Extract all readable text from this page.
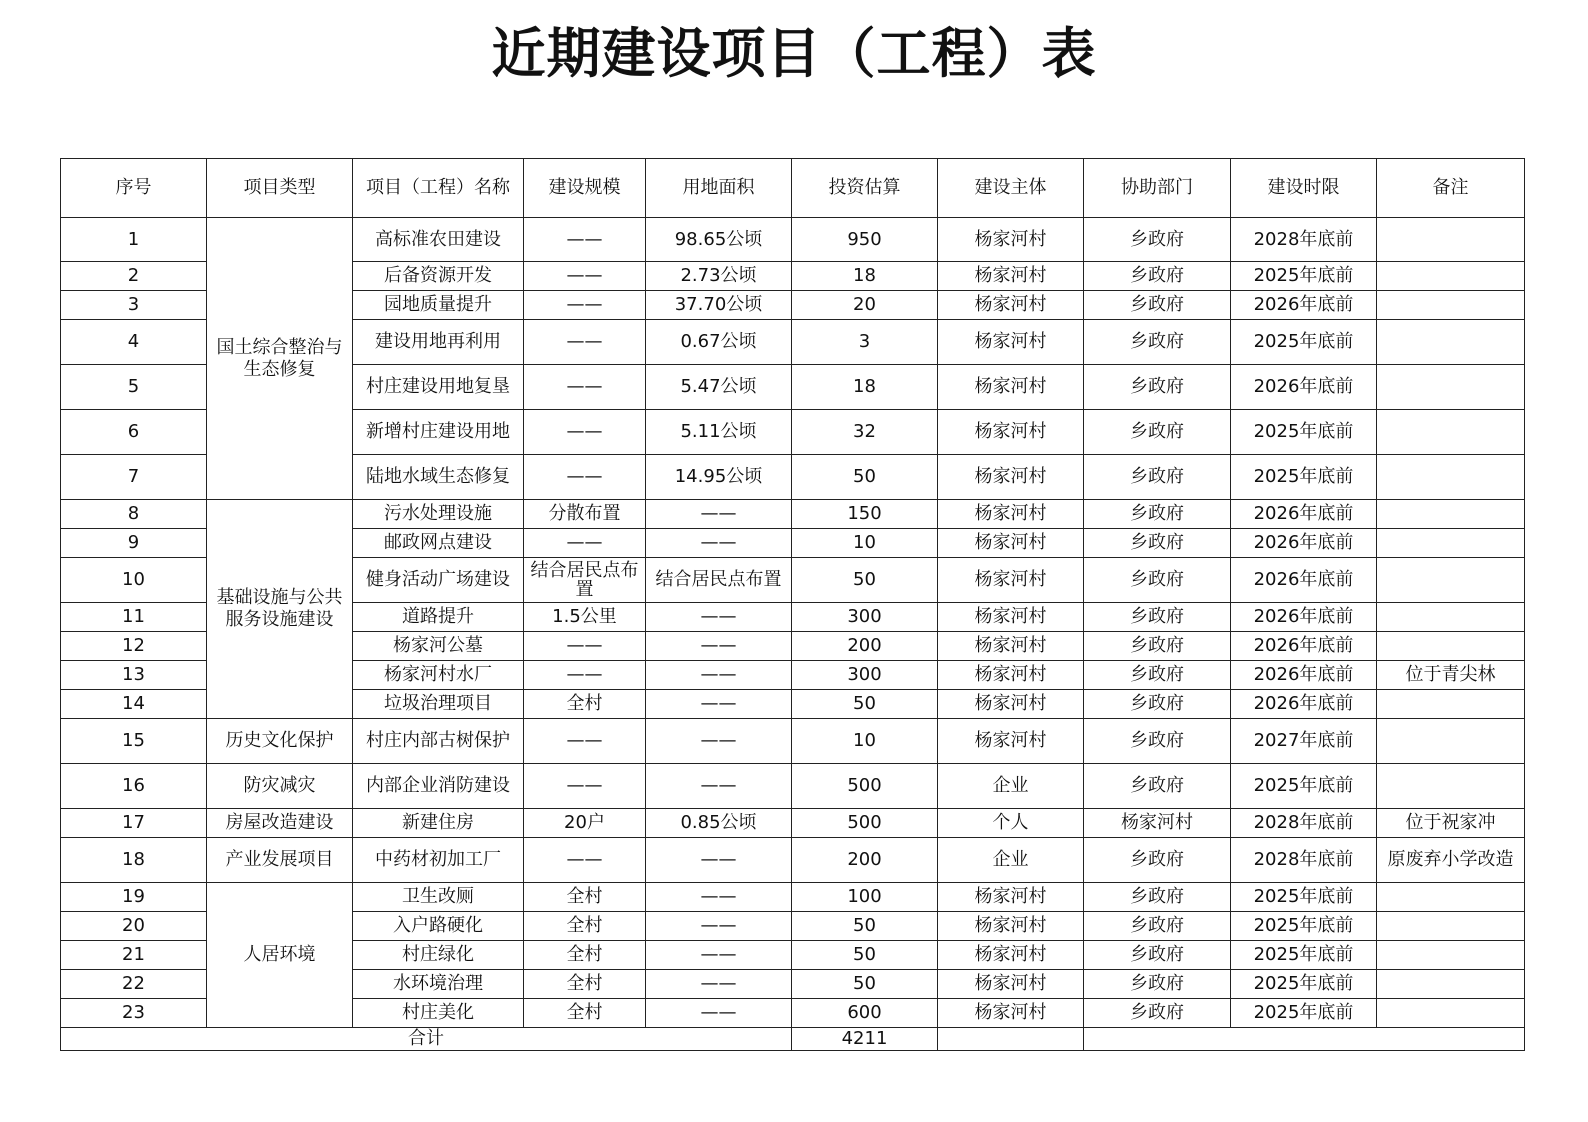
近期建设项目（工程）表
序号	项目类型	项目（工程）名称	建设规模	用地面积	投资估算	建设主体	协助部门	建设时限	备注
1	国土综合整治与生态修复	高标准农田建设	——	98.65公顷	950	杨家河村	乡政府	2028年底前	
2		后备资源开发	——	2.73公顷	18	杨家河村	乡政府	2025年底前	
3		园地质量提升	——	37.70公顷	20	杨家河村	乡政府	2026年底前	
4		建设用地再利用	——	0.67公顷	3	杨家河村	乡政府	2025年底前	
5		村庄建设用地复垦	——	5.47公顷	18	杨家河村	乡政府	2026年底前	
6		新增村庄建设用地	——	5.11公顷	32	杨家河村	乡政府	2025年底前	
7		陆地水域生态修复	——	14.95公顷	50	杨家河村	乡政府	2025年底前	
8	基础设施与公共服务设施建设	污水处理设施	分散布置	——	150	杨家河村	乡政府	2026年底前	
9		邮政网点建设	——	——	10	杨家河村	乡政府	2026年底前	
10		健身活动广场建设	结合居民点布置	结合居民点布置	50	杨家河村	乡政府	2026年底前	
11		道路提升	1.5公里	——	300	杨家河村	乡政府	2026年底前	
12		杨家河公墓	——	——	200	杨家河村	乡政府	2026年底前	
13		杨家河村水厂	——	——	300	杨家河村	乡政府	2026年底前	位于青尖林
14		垃圾治理项目	全村	——	50	杨家河村	乡政府	2026年底前	
15	历史文化保护	村庄内部古树保护	——	——	10	杨家河村	乡政府	2027年底前	
16	防灾减灾	内部企业消防建设	——	——	500	企业	乡政府	2025年底前	
17	房屋改造建设	新建住房	20户	0.85公顷	500	个人	杨家河村	2028年底前	位于祝家冲
18	产业发展项目	中药材初加工厂	——	——	200	企业	乡政府	2028年底前	原废弃小学改造
19	人居环境	卫生改厕	全村	——	100	杨家河村	乡政府	2025年底前	
20		入户路硬化	全村	——	50	杨家河村	乡政府	2025年底前	
21		村庄绿化	全村	——	50	杨家河村	乡政府	2025年底前	
22		水环境治理	全村	——	50	杨家河村	乡政府	2025年底前	
23		村庄美化	全村	——	600	杨家河村	乡政府	2025年底前	
合计					4211				
